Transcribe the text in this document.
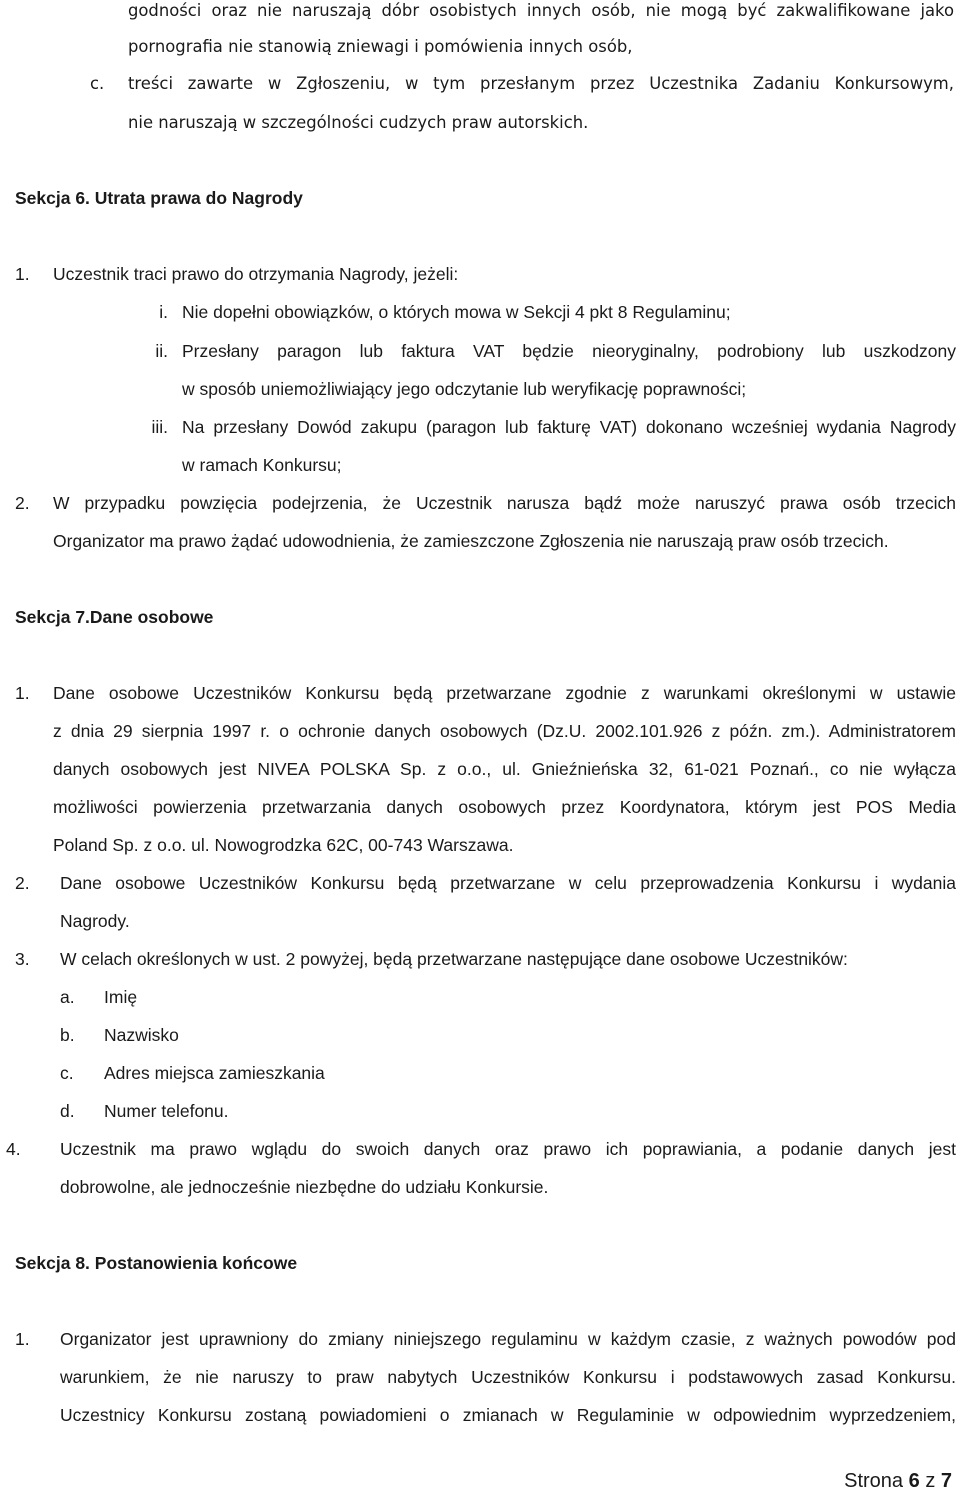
godności oraz nie naruszają dóbr osobistych innych osób, nie mogą być zakwalifikowane jako
pornografia nie stanowią zniewagi i pomówienia innych osób,
c. treści zawarte w Zgłoszeniu, w tym przesłanym przez Uczestnika Zadaniu Konkursowym,
nie naruszają w szczególności cudzych praw autorskich.
Sekcja 6. Utrata prawa do Nagrody
1. Uczestnik traci prawo do otrzymania Nagrody, jeżeli:
i. Nie dopełni obowiązków, o których mowa w Sekcji 4 pkt 8 Regulaminu;
ii. Przesłany paragon lub faktura VAT będzie nieoryginalny, podrobiony lub uszkodzony
w sposób uniemożliwiający jego odczytanie lub weryfikację poprawności;
iii. Na przesłany Dowód zakupu (paragon lub fakturę VAT) dokonano wcześniej wydania Nagrody
w ramach Konkursu;
2. W przypadku powzięcia podejrzenia, że Uczestnik narusza bądź może naruszyć prawa osób trzecich
Organizator ma prawo żądać udowodnienia, że zamieszczone Zgłoszenia nie naruszają praw osób trzecich.
Sekcja 7.Dane osobowe
1. Dane osobowe Uczestników Konkursu będą przetwarzane zgodnie z warunkami określonymi w ustawie
z dnia 29 sierpnia 1997 r. o ochronie danych osobowych (Dz.U. 2002.101.926 z późn. zm.). Administratorem
danych osobowych jest NIVEA POLSKA Sp. z o.o., ul. Gnieźnieńska 32, 61-021 Poznań., co nie wyłącza
możliwości powierzenia przetwarzania danych osobowych przez Koordynatora, którym jest POS Media
Poland Sp. z o.o. ul. Nowogrodzka 62C, 00-743 Warszawa.
2. Dane osobowe Uczestników Konkursu będą przetwarzane w celu przeprowadzenia Konkursu i wydania
Nagrody.
3. W celach określonych w ust. 2 powyżej, będą przetwarzane następujące dane osobowe Uczestników:
a. Imię
b. Nazwisko
c. Adres miejsca zamieszkania
d. Numer telefonu.
4. Uczestnik ma prawo wglądu do swoich danych oraz prawo ich poprawiania, a podanie danych jest
dobrowolne, ale jednocześnie niezbędne do udziału Konkursie.
Sekcja 8. Postanowienia końcowe
1. Organizator jest uprawniony do zmiany niniejszego regulaminu w każdym czasie, z ważnych powodów pod
warunkiem, że nie naruszy to praw nabytych Uczestników Konkursu i podstawowych zasad Konkursu.
Uczestnicy Konkursu zostaną powiadomieni o zmianach w Regulaminie w odpowiednim wyprzedzeniem,
Strona 6 z 7
